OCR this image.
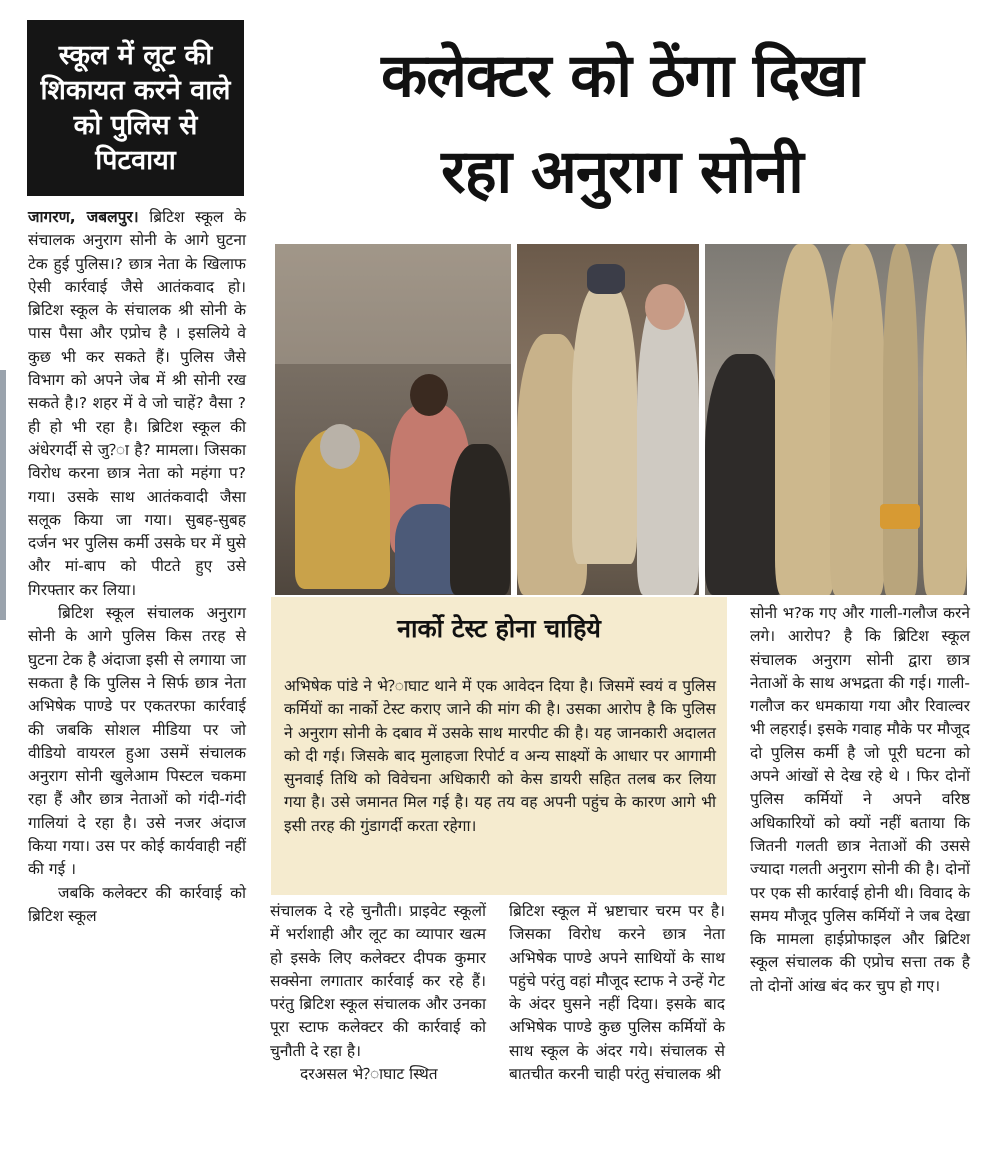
स्कूल में लूट की शिकायत करने वाले को पुलिस से पिटवाया
कलेक्टर को ठेंगा दिखा
रहा अनुराग सोनी

जागरण, जबलपुर। ब्रिटिश स्कूल के संचालक अनुराग सोनी के आगे घुटना टेक हुई पुलिस।? छात्र नेता के खिलाफ ऐसी कार्रवाई जैसे आतंकवाद हो। ब्रिटिश स्कूल के संचालक श्री सोनी के पास पैसा और एप्रोच है । इसलिये वे कुछ भी कर सकते हैं। पुलिस जैसे विभाग को अपने जेब में श्री सोनी रख सकते है।? शहर में वे जो चाहें? वैसा ?ही हो भी रहा है। ब्रिटिश स्कूल की अंधेरगर्दी से जु?ा है? मामला। जिसका विरोध करना छात्र नेता को महंगा प? गया। उसके साथ आतंकवादी जैसा सलूक किया जा गया। सुबह-सुबह दर्जन भर पुलिस कर्मी उसके घर में घुसे और मां-बाप को पीटते हुए उसे गिरफ्तार कर लिया।

ब्रिटिश स्कूल संचालक अनुराग सोनी के आगे पुलिस किस तरह से घुटना टेक है अंदाजा इसी से लगाया जा सकता है कि पुलिस ने सिर्फ छात्र नेता अभिषेक पाण्डे पर एकतरफा कार्रवाई की जबकि सोशल मीडिया पर जो वीडियो वायरल हुआ उसमें संचालक अनुराग सोनी खुलेआम पिस्टल चकमा रहा हैं और छात्र नेताओं को गंदी-गंदी गालियां दे रहा है। उसे नजर अंदाज किया गया। उस पर कोई कार्यवाही नहीं की गई ।

जबकि कलेक्टर की कार्रवाई को ब्रिटिश स्कूल

नार्को टेस्ट होना चाहिये
अभिषेक पांडे ने भे?ाघाट थाने में एक आवेदन दिया है। जिसमें स्वयं व पुलिस कर्मियों का नार्को टेस्ट कराए जाने की मांग की है। उसका आरोप है कि पुलिस ने अनुराग सोनी के दबाव में उसके साथ मारपीट की है। यह जानकारी अदालत को दी गई। जिसके बाद मुलाहजा रिपोर्ट व अन्य साक्ष्यों के आधार पर आगामी सुनवाई तिथि को विवेचना अधिकारी को केस डायरी सहित तलब कर लिया गया है। उसे जमानत मिल गई है। यह तय वह अपनी पहुंच के कारण आगे भी इसी तरह की गुंडागर्दी करता रहेगा।

संचालक दे रहे चुनौती। प्राइवेट स्कूलों में भर्राशाही और लूट का व्यापार खत्म हो इसके लिए कलेक्टर दीपक कुमार सक्सेना लगातार कार्रवाई कर रहे हैं। परंतु ब्रिटिश स्कूल संचालक और उनका पूरा स्टाफ कलेक्टर की कार्रवाई को चुनौती दे रहा है।

दरअसल भे?ाघाट स्थित

ब्रिटिश स्कूल में भ्रष्टाचार चरम पर है। जिसका विरोध करने छात्र नेता अभिषेक पाण्डे अपने साथियों के साथ पहुंचे परंतु वहां मौजूद स्टाफ ने उन्हें गेट के अंदर घुसने नहीं दिया। इसके बाद अभिषेक पाण्डे कुछ पुलिस कर्मियों के साथ स्कूल के अंदर गये। संचालक से बातचीत करनी चाही परंतु संचालक श्री

सोनी भ?क गए और गाली-गलौज करने लगे। आरोप? है कि ब्रिटिश स्कूल संचालक अनुराग सोनी द्वारा छात्र नेताओं के साथ अभद्रता की गई। गाली-गलौज कर धमकाया गया और रिवाल्वर भी लहराई। इसके गवाह मौके पर मौजूद दो पुलिस कर्मी है जो पूरी घटना को अपने आंखों से देख रहे थे । फिर दोनों पुलिस कर्मियों ने अपने वरिष्ठ अधिकारियों को क्यों नहीं बताया कि जितनी गलती छात्र नेताओं की उससे ज्यादा गलती अनुराग सोनी की है। दोनों पर एक सी कार्रवाई होनी थी। विवाद के समय मौजूद पुलिस कर्मियों ने जब देखा कि मामला हाईप्रोफाइल और ब्रिटिश स्कूल संचालक की एप्रोच सत्ता तक है तो दोनों आंख बंद कर चुप हो गए।
